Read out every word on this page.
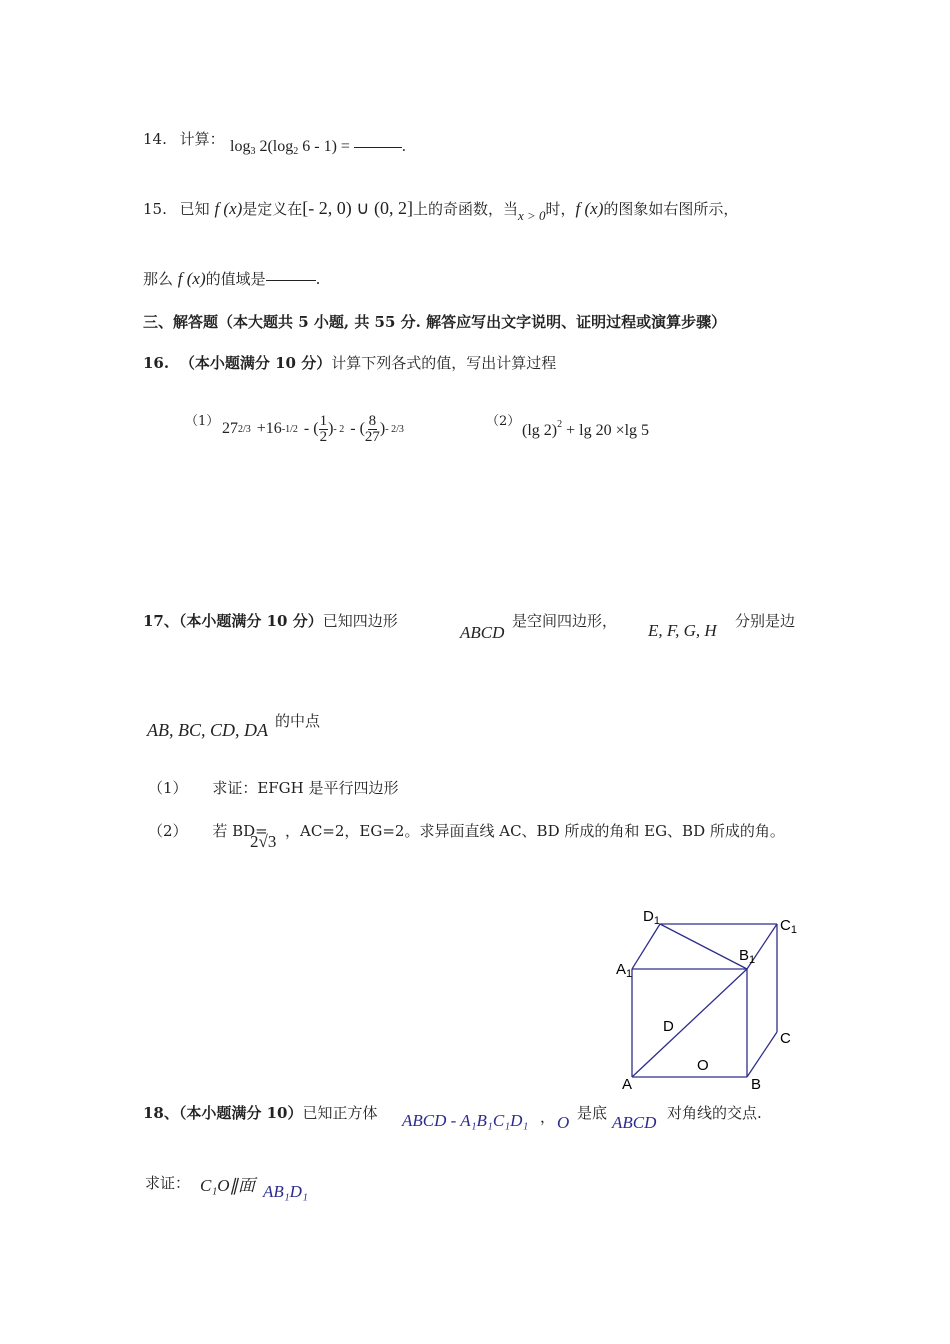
14. 计算： $\log_3 2(\log_2$ 6 - 1) =	.
15. 已知 f (x)是定义在[- 2, 0) ∪ (0, 2]上的奇函数，当x > 0时，f (x)的图象如右图所示，
那么 f (x)的值域是	.
三、解答题（本大题共 5 小题, 共 55 分. 解答应写出文字说明、证明过程或演算步骤）
16. （本小题满分 10 分）计算下列各式的值，写出计算过程
（1） 27 2/3 +16 -1/2 - ( $\frac{1}{2}$ ) - 2 - ( $\frac{8}{27}$ ) - 2/3	（2）
(lg 2)$^2$ + lg 20 ×lg 5
17、（本小题满分 10 分）已知四边形
ABCD
是空间四边形， E, F, G, H 分别是边
AB, BC, CD, DA 的中点
（1） 求证：EFGH 是平行四边形
（2） 若 BD=
2√3
，AC=2，EG=2。求异面直线 AC、BD 所成的角和 EG、BD 所成的角。
$D_1$	$C_1$
$A_1$
$B_1$
D
C
O
A	B
18、（本小题满分 10）已知正方体 ABCD - A₁B₁C₁D₁ ， O 是底 ABCD 对角线的交点.
求证： C₁O∥面 AB₁D₁
